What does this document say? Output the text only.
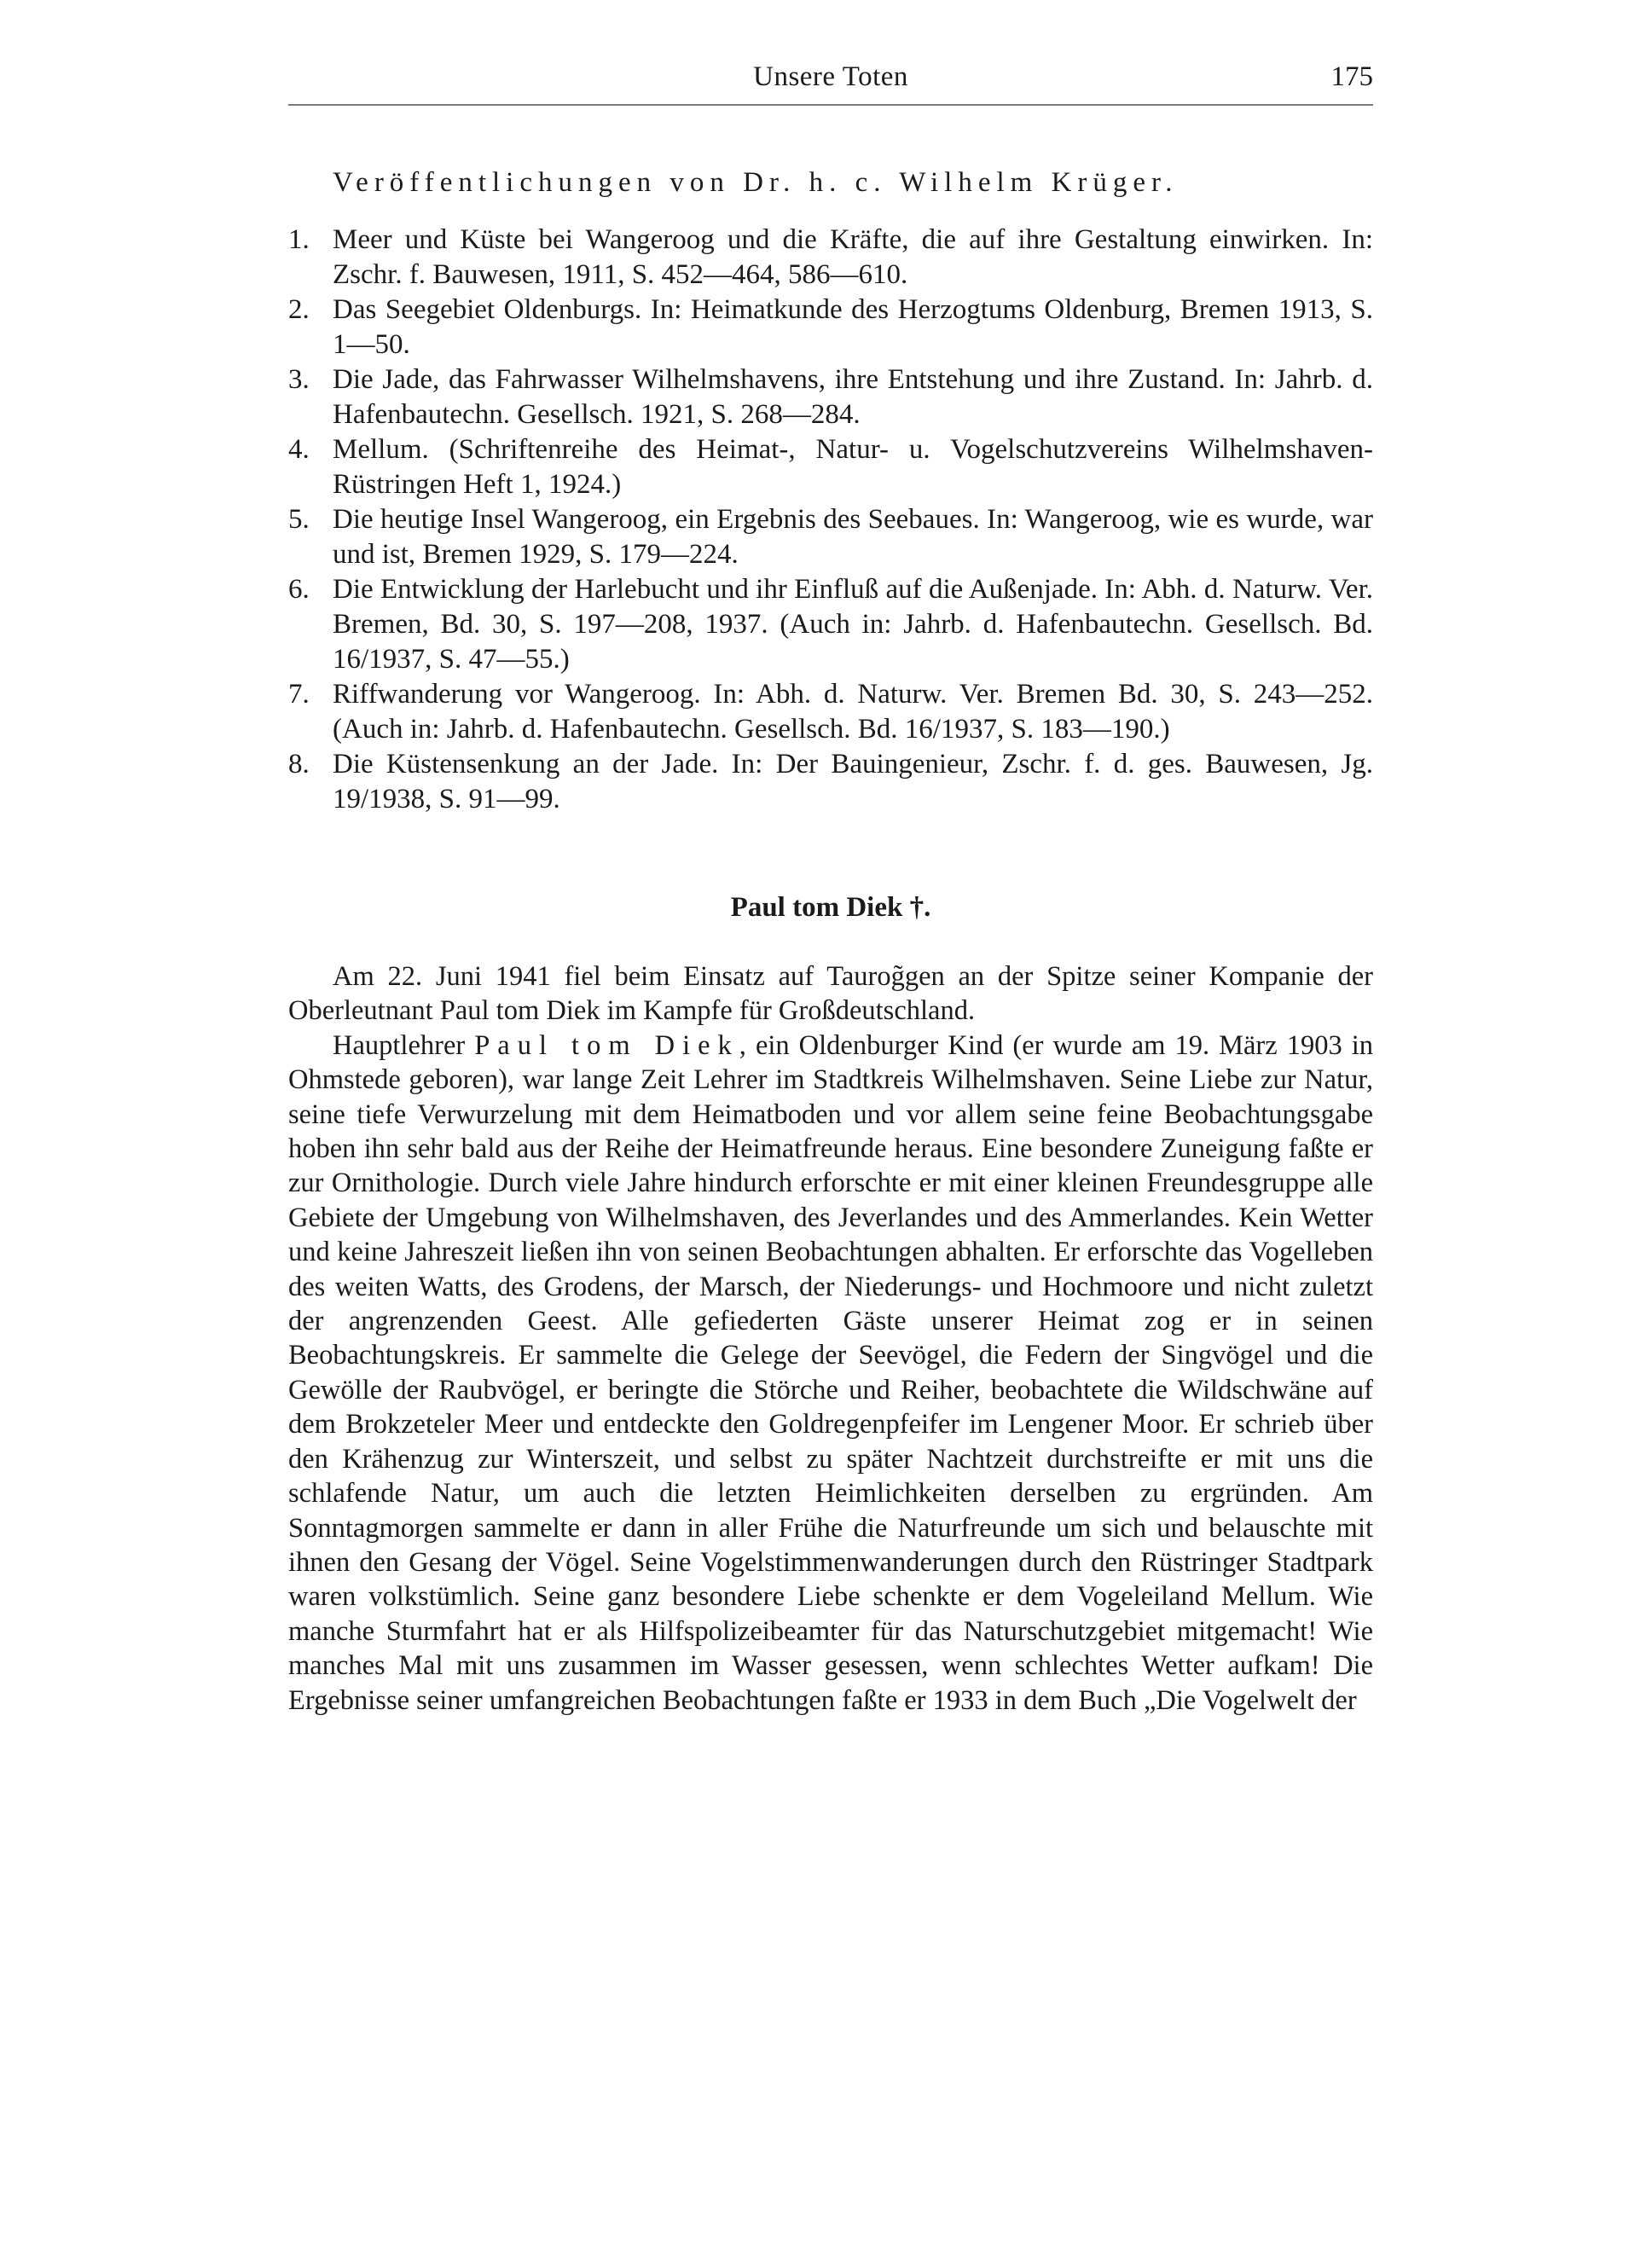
Unsere Toten	175
Veröffentlichungen von Dr. h. c. Wilhelm Krüger.
1. Meer und Küste bei Wangeroog und die Kräfte, die auf ihre Gestaltung einwirken. In: Zschr. f. Bauwesen, 1911, S. 452—464, 586—610.
2. Das Seegebiet Oldenburgs. In: Heimatkunde des Herzogtums Oldenburg, Bremen 1913, S. 1—50.
3. Die Jade, das Fahrwasser Wilhelmshavens, ihre Entstehung und ihre Zustand. In: Jahrb. d. Hafenbautechn. Gesellsch. 1921, S. 268—284.
4. Mellum. (Schriftenreihe des Heimat-, Natur- u. Vogelschutzvereins Wilhelmshaven-Rüstringen Heft 1, 1924.)
5. Die heutige Insel Wangeroog, ein Ergebnis des Seebaues. In: Wangeroog, wie es wurde, war und ist, Bremen 1929, S. 179—224.
6. Die Entwicklung der Harlebucht und ihr Einfluß auf die Außenjade. In: Abh. d. Naturw. Ver. Bremen, Bd. 30, S. 197—208, 1937. (Auch in: Jahrb. d. Hafenbautechn. Gesellsch. Bd. 16/1937, S. 47—55.)
7. Riffwanderung vor Wangeroog. In: Abh. d. Naturw. Ver. Bremen Bd. 30, S. 243—252. (Auch in: Jahrb. d. Hafenbautechn. Gesellsch. Bd. 16/1937, S. 183—190.)
8. Die Küstensenkung an der Jade. In: Der Bauingenieur, Zschr. f. d. ges. Bauwesen, Jg. 19/1938, S. 91—99.
Paul tom Diek †.

Am 22. Juni 1941 fiel beim Einsatz auf Taurog̃gen an der Spitze seiner Kompanie der Oberleutnant Paul tom Diek im Kampfe für Großdeutschland.

Hauptlehrer Paul tom Diek, ein Oldenburger Kind (er wurde am 19. März 1903 in Ohmstede geboren), war lange Zeit Lehrer im Stadtkreis Wilhelmshaven. Seine Liebe zur Natur, seine tiefe Verwurzelung mit dem Heimatboden und vor allem seine feine Beobachtungsgabe hoben ihn sehr bald aus der Reihe der Heimatfreunde heraus. Eine besondere Zuneigung faßte er zur Ornithologie. Durch viele Jahre hindurch erforschte er mit einer kleinen Freundesgruppe alle Gebiete der Umgebung von Wilhelmshaven, des Jeverlandes und des Ammerlandes. Kein Wetter und keine Jahreszeit ließen ihn von seinen Beobachtungen abhalten. Er erforschte das Vogelleben des weiten Watts, des Grodens, der Marsch, der Niederungs- und Hochmoore und nicht zuletzt der angrenzenden Geest. Alle gefiederten Gäste unserer Heimat zog er in seinen Beobachtungskreis. Er sammelte die Gelege der Seevögel, die Federn der Singvögel und die Gewölle der Raubvögel, er beringte die Störche und Reiher, beobachtete die Wildschwäne auf dem Brokzeteler Meer und entdeckte den Goldregenpfeifer im Lengener Moor. Er schrieb über den Krähenzug zur Winterszeit, und selbst zu später Nachtzeit durchstreifte er mit uns die schlafende Natur, um auch die letzten Heimlichkeiten derselben zu ergründen. Am Sonntagmorgen sammelte er dann in aller Frühe die Naturfreunde um sich und belauschte mit ihnen den Gesang der Vögel. Seine Vogelstimmenwanderungen durch den Rüstringer Stadtpark waren volkstümlich. Seine ganz besondere Liebe schenkte er dem Vogeleiland Mellum. Wie manche Sturmfahrt hat er als Hilfspolizeibeamter für das Naturschutzgebiet mitgemacht! Wie manches Mal mit uns zusammen im Wasser gesessen, wenn schlechtes Wetter aufkam! Die Ergebnisse seiner umfangreichen Beobachtungen faßte er 1933 in dem Buch „Die Vogelwelt der
